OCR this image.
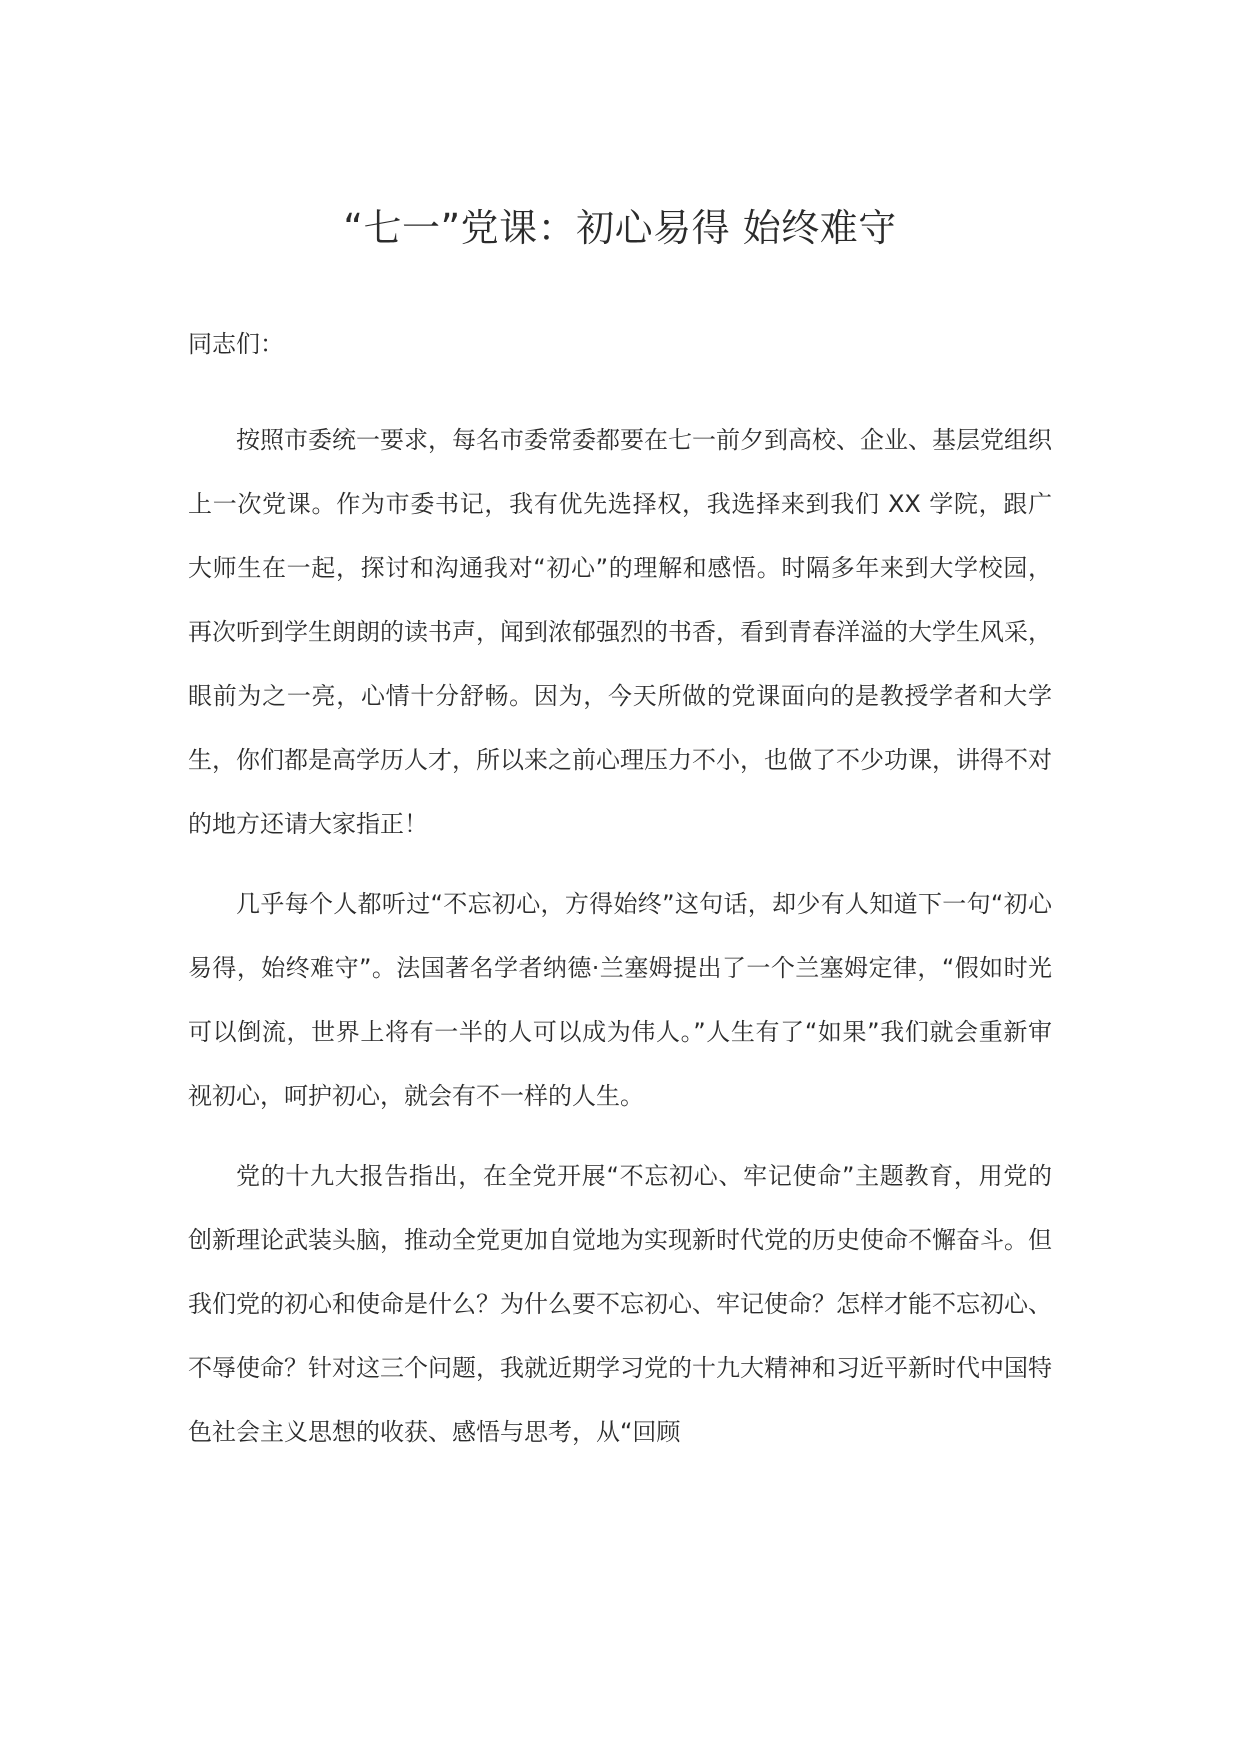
“七一”党课：初心易得 始终难守

同志们：

按照市委统一要求，每名市委常委都要在七一前夕到高校、企业、基层党组织上一次党课。作为市委书记，我有优先选择权，我选择来到我们 XX 学院，跟广大师生在一起，探讨和沟通我对“初心”的理解和感悟。时隔多年来到大学校园，再次听到学生朗朗的读书声，闻到浓郁强烈的书香，看到青春洋溢的大学生风采，眼前为之一亮，心情十分舒畅。因为，今天所做的党课面向的是教授学者和大学生，你们都是高学历人才，所以来之前心理压力不小，也做了不少功课，讲得不对的地方还请大家指正！

几乎每个人都听过“不忘初心，方得始终”这句话，却少有人知道下一句“初心易得，始终难守”。法国著名学者纳德·兰塞姆提出了一个兰塞姆定律，“假如时光可以倒流，世界上将有一半的人可以成为伟人。”人生有了“如果”我们就会重新审视初心，呵护初心，就会有不一样的人生。

党的十九大报告指出，在全党开展“不忘初心、牢记使命”主题教育，用党的创新理论武装头脑，推动全党更加自觉地为实现新时代党的历史使命不懈奋斗。但我们党的初心和使命是什么？为什么要不忘初心、牢记使命？怎样才能不忘初心、不辱使命？针对这三个问题，我就近期学习党的十九大精神和习近平新时代中国特色社会主义思想的收获、感悟与思考，从“回顾
